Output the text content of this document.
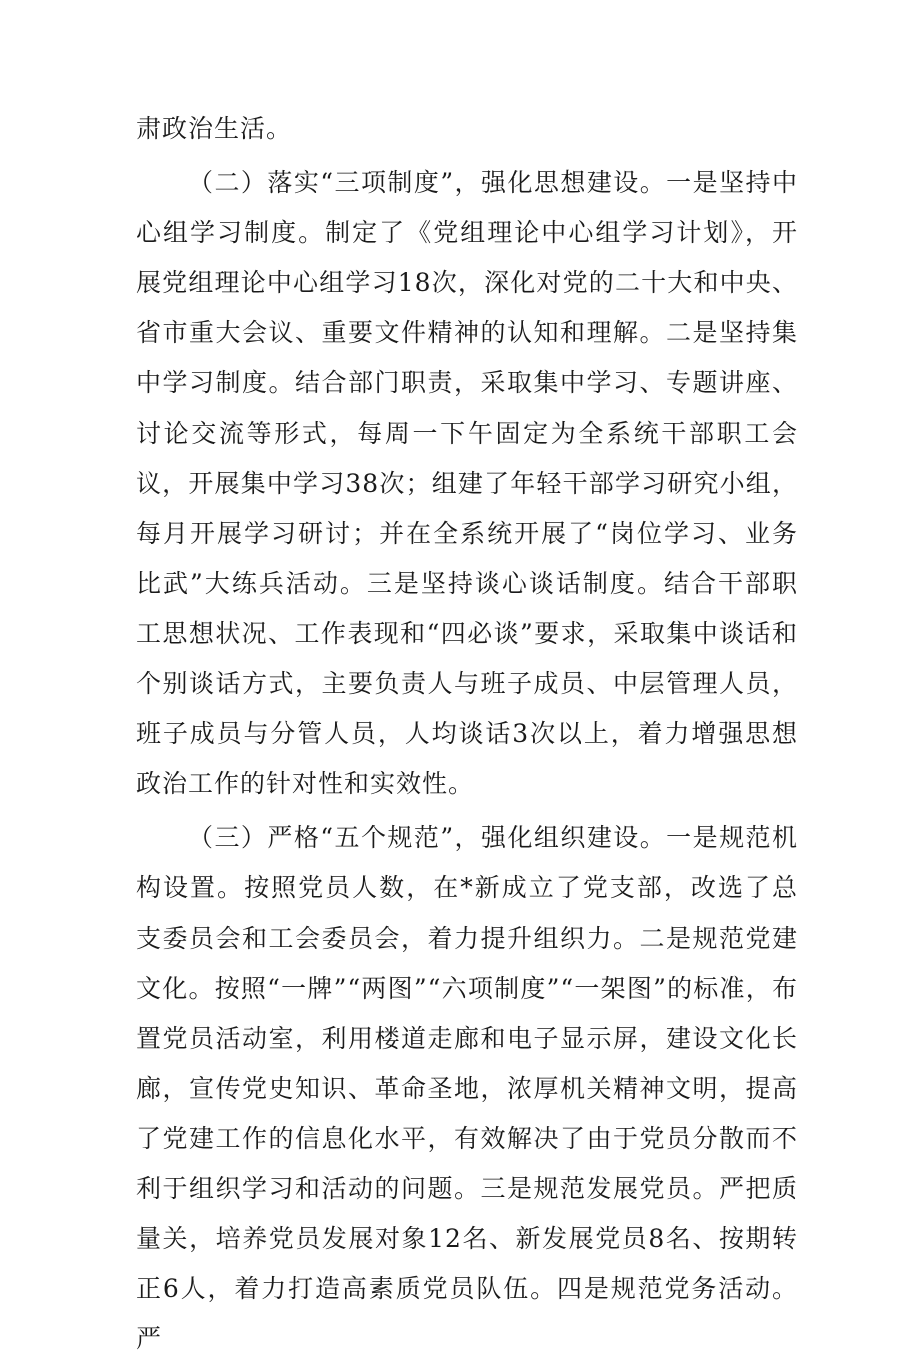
肃政治生活。

（二）落实“三项制度”，强化思想建设。一是坚持中心组学习制度。制定了《党组理论中心组学习计划》，开展党组理论中心组学习18次，深化对党的二十大和中央、省市重大会议、重要文件精神的认知和理解。二是坚持集中学习制度。结合部门职责，采取集中学习、专题讲座、讨论交流等形式，每周一下午固定为全系统干部职工会议，开展集中学习38次；组建了年轻干部学习研究小组，每月开展学习研讨；并在全系统开展了“岗位学习、业务比武”大练兵活动。三是坚持谈心谈话制度。结合干部职工思想状况、工作表现和“四必谈”要求，采取集中谈话和个别谈话方式，主要负责人与班子成员、中层管理人员，班子成员与分管人员，人均谈话3次以上，着力增强思想政治工作的针对性和实效性。

（三）严格“五个规范”，强化组织建设。一是规范机构设置。按照党员人数，在*新成立了党支部，改选了总支委员会和工会委员会，着力提升组织力。二是规范党建文化。按照“一牌”“两图”“六项制度”“一架图”的标准，布置党员活动室，利用楼道走廊和电子显示屏，建设文化长廊，宣传党史知识、革命圣地，浓厚机关精神文明，提高了党建工作的信息化水平，有效解决了由于党员分散而不利于组织学习和活动的问题。三是规范发展党员。严把质量关，培养党员发展对象12名、新发展党员8名、按期转正6人，着力打造高素质党员队伍。四是规范党务活动。严
